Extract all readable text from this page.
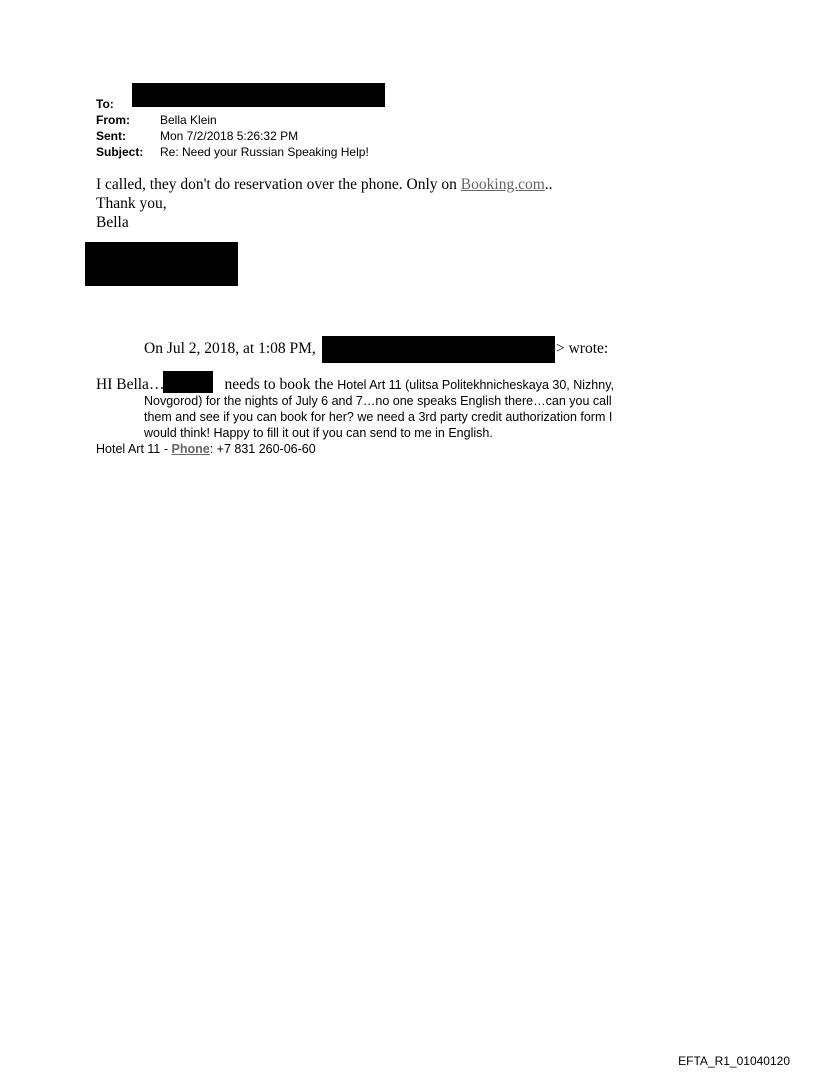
To:
From:	Bella Klein
Sent:	Mon 7/2/2018 5:26:32 PM
Subject:	Re: Need your Russian Speaking Help!
I called, they don't do reservation over the phone. Only on Booking.com..
Thank you,
Bella
On Jul 2, 2018, at 1:08 PM,	> wrote:
HI Bella…	needs to book the Hotel Art 11 (ulitsa Politekhnicheskaya 30, Nizhny,
Novgorod) for the nights of July 6 and 7…no one speaks English there…can you call
them and see if you can book for her? we need a 3rd party credit authorization form I
would think! Happy to fill it out if you can send to me in English.
Hotel Art 11 - Phone: +7 831 260-06-60
EFTA_R1_01040120
